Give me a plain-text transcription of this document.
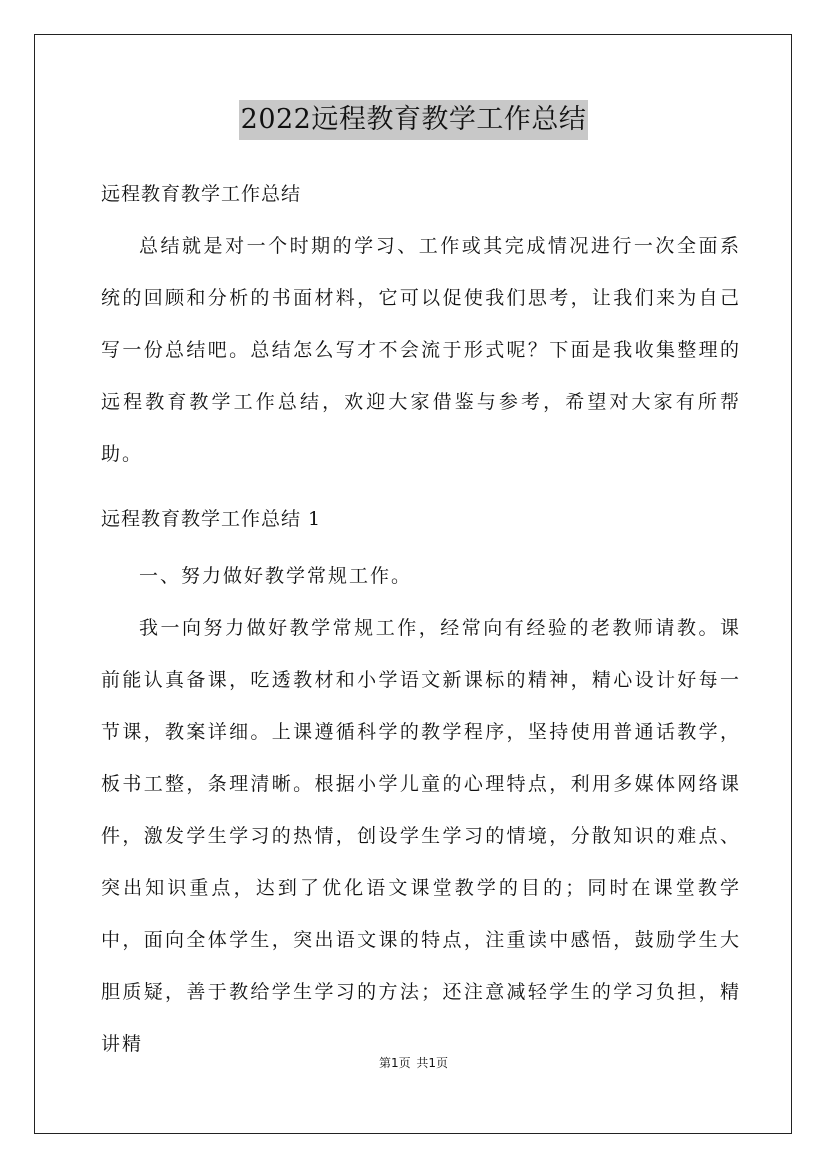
2022远程教育教学工作总结
远程教育教学工作总结

总结就是对一个时期的学习、工作或其完成情况进行一次全面系统的回顾和分析的书面材料，它可以促使我们思考，让我们来为自己写一份总结吧。总结怎么写才不会流于形式呢？下面是我收集整理的远程教育教学工作总结，欢迎大家借鉴与参考，希望对大家有所帮助。

远程教育教学工作总结 1

一、努力做好教学常规工作。

我一向努力做好教学常规工作，经常向有经验的老教师请教。课前能认真备课，吃透教材和小学语文新课标的精神，精心设计好每一节课，教案详细。上课遵循科学的教学程序，坚持使用普通话教学，板书工整，条理清晰。根据小学儿童的心理特点，利用多媒体网络课件，激发学生学习的热情，创设学生学习的情境，分散知识的难点、突出知识重点，达到了优化语文课堂教学的目的；同时在课堂教学中，面向全体学生，突出语文课的特点，注重读中感悟，鼓励学生大胆质疑，善于教给学生学习的方法；还注意减轻学生的学习负担，精讲精

第1页 共1页
